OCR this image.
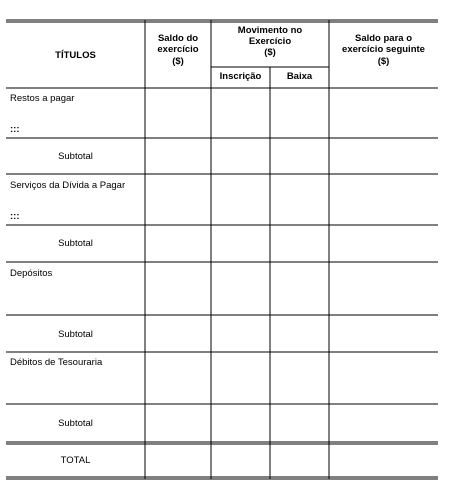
TÍTULOS
Saldo do
exercício
($)
Movimento no
Exercício
($)
Inscrição	Baixa
Saldo para o
exercício seguinte
($)
Restos a pagar
:::
Subtotal
Serviços da Dívida a Pagar
:::
Subtotal
Depósitos
Subtotal
Débitos de Tesouraria
Subtotal
TOTAL
